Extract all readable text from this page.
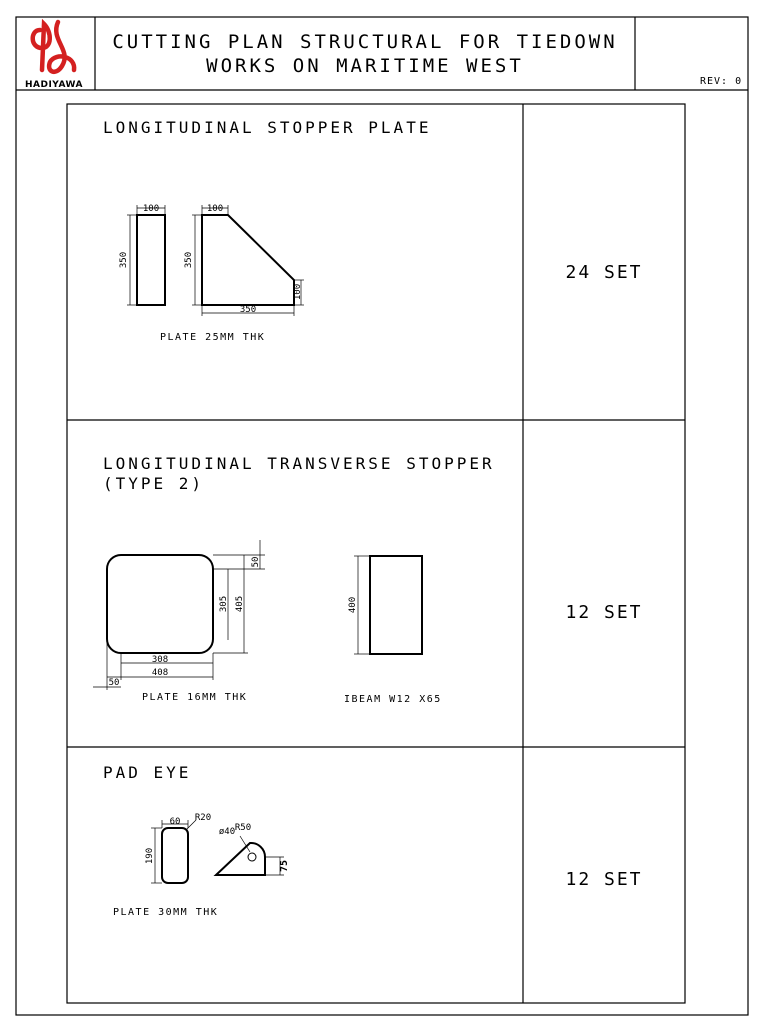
100
350
100
350
350
100
50
305 405
308
408
50
400
60 R20
190
ø40 R50
75
HADIYAWA
CUTTING PLAN STRUCTURAL FOR TIEDOWN
WORKS ON MARITIME WEST
REV: 0
LONGITUDINAL STOPPER PLATE
PLATE 25MM THK
24 SET
LONGITUDINAL TRANSVERSE STOPPER
(TYPE 2)
PLATE 16MM THK	IBEAM W12 X65
12 SET
PAD EYE
PLATE 30MM THK
12 SET
